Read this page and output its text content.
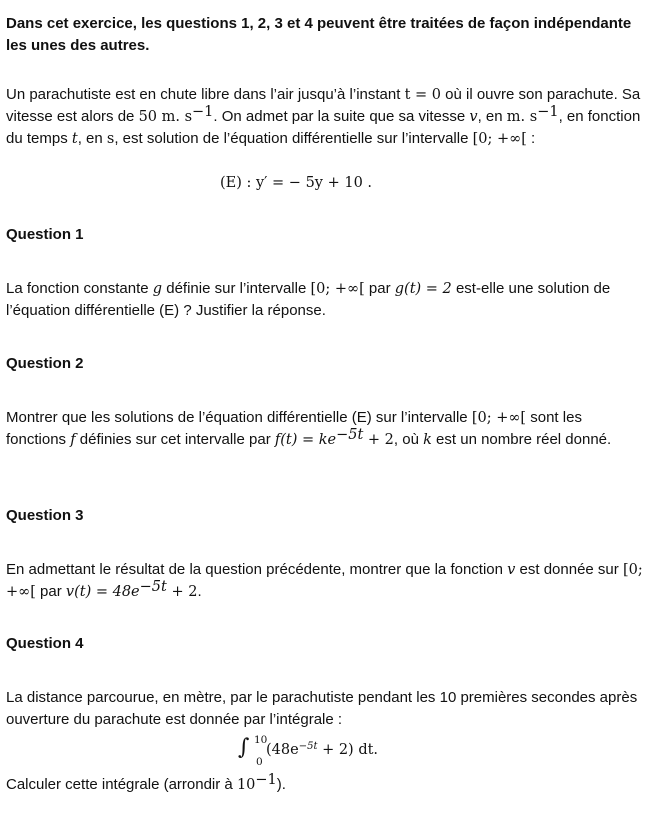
Dans cet exercice, les questions 1, 2, 3 et 4 peuvent être traitées de façon indépendante les unes des autres.
Un parachutiste est en chute libre dans l’air jusqu’à l’instant t = 0 où il ouvre son parachute. Sa vitesse est alors de 50 m. $s^{-1}$. On admet par la suite que sa vitesse v, en m. $s^{-1}$, en fonction du temps t, en s, est solution de l’équation différentielle sur l’intervalle [0; +∞[ :
(E) : y′ = − 5y + 10 .
Question 1
La fonction constante g définie sur l’intervalle [0; +∞[ par g(t) = 2 est-elle une solution de l’équation différentielle (E) ? Justifier la réponse.
Question 2
Montrer que les solutions de l’équation différentielle (E) sur l’intervalle [0; +∞[ sont les fonctions f définies sur cet intervalle par $f(t) = ke^{-5t} + 2$, où k est un nombre réel donné.
Question 3
En admettant le résultat de la question précédente, montrer que la fonction v est donnée sur [0; +∞[ par $v(t) = 48e^{-5t} + 2$.
Question 4
La distance parcourue, en mètre, par le parachutiste pendant les 10 premières secondes après ouverture du parachute est donnée par l’intégrale :
∫ 10
0
$(48e^{-5t} + 2)$ dt.
Calculer cette intégrale (arrondir à $10^{-1}$).
